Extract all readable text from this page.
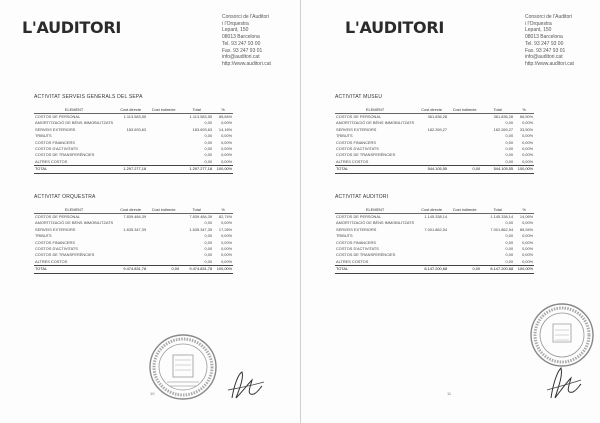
L'AUDITORI
Consorci de l'Auditori
i l'Orquestra
Lepant, 150
08013 Barcelona
Tel. 93 247 93 00
Fax. 93 247 93 01
info@auditori.cat
http://www.auditori.cat
ACTIVITAT SERVEIS GENERALS DEL SEPA
ELEMENT	Cost directe	Cost indirecte	Total	%
COSTOS DE PERSONAL	1.113.583,55		1.113.583,55	85,84%
AMORTITZACIÓ DE BÉNS IMMOBILITZATS			0,00	0,00%
SERVEIS EXTERIORS	183.693,63		183.693,63	14,16%
TRIBUTS			0,00	0,00%
COSTOS FINANCERS			0,00	0,00%
COSTOS D'ACTIVITATS			0,00	0,00%
COSTOS DE TRANSFERÈNCIES			0,00	0,00%
ALTRES COSTOS			0,00	0,00%
TOTAL	1.297.277,18		1.297.277,18	100,00%
ACTIVITAT ORQUESTRA
ELEMENT	Cost directe	Cost indirecte	Total	%
COSTOS DE PERSONAL	7.839.484,39		7.839.484,39	82,74%
AMORTITZACIÓ DE BÉNS IMMOBILITZATS			0,00	0,00%
SERVEIS EXTERIORS	1.635.347,39		1.635.347,39	17,26%
TRIBUTS			0,00	0,00%
COSTOS FINANCERS			0,00	0,00%
COSTOS D'ACTIVITATS			0,00	0,00%
COSTOS DE TRANSFERÈNCIES			0,00	0,00%
ALTRES COSTOS			0,00	0,00%
TOTAL	9.474.831,78	0,00	9.474.831,78	100,00%
10
L'AUDITORI
Consorci de l'Auditori
i l'Orquestra
Lepant, 150
08013 Barcelona
Tel. 93 247 93 00
Fax. 93 247 93 01
info@auditori.cat
http://www.auditori.cat
ACTIVITAT MUSEU
ELEMENT	Cost directe	Cost indirecte	Total	%
COSTOS DE PERSONAL	361.836,28		361.836,28	66,50%
AMORTITZACIÓ DE BÉNS IMMOBILITZATS			0,00	0,00%
SERVEIS EXTERIORS	182.269,27		182.269,27	33,50%
TRIBUTS			0,00	0,00%
COSTOS FINANCERS			0,00	0,00%
COSTOS D'ACTIVITATS			0,00	0,00%
COSTOS DE TRANSFERÈNCIES			0,00	0,00%
ALTRES COSTOS			0,00	0,00%
TOTAL	544.105,55	0,00	544.105,55	100,00%
ACTIVITAT AUDITORI
ELEMENT	Cost directe	Cost indirecte	Total	%
COSTOS DE PERSONAL	1.145.338,14		1.145.338,14	14,06%
AMORTITZACIÓ DE BÉNS IMMOBILITZATS			0,00	0,00%
SERVEIS EXTERIORS	7.001.862,54		7.001.862,54	85,94%
TRIBUTS			0,00	0,00%
COSTOS FINANCERS			0,00	0,00%
COSTOS D'ACTIVITATS			0,00	0,00%
COSTOS DE TRANSFERÈNCIES			0,00	0,00%
ALTRES COSTOS			0,00	0,00%
TOTAL	8.147.200,68	0,00	8.147.200,68	100,00%
11
